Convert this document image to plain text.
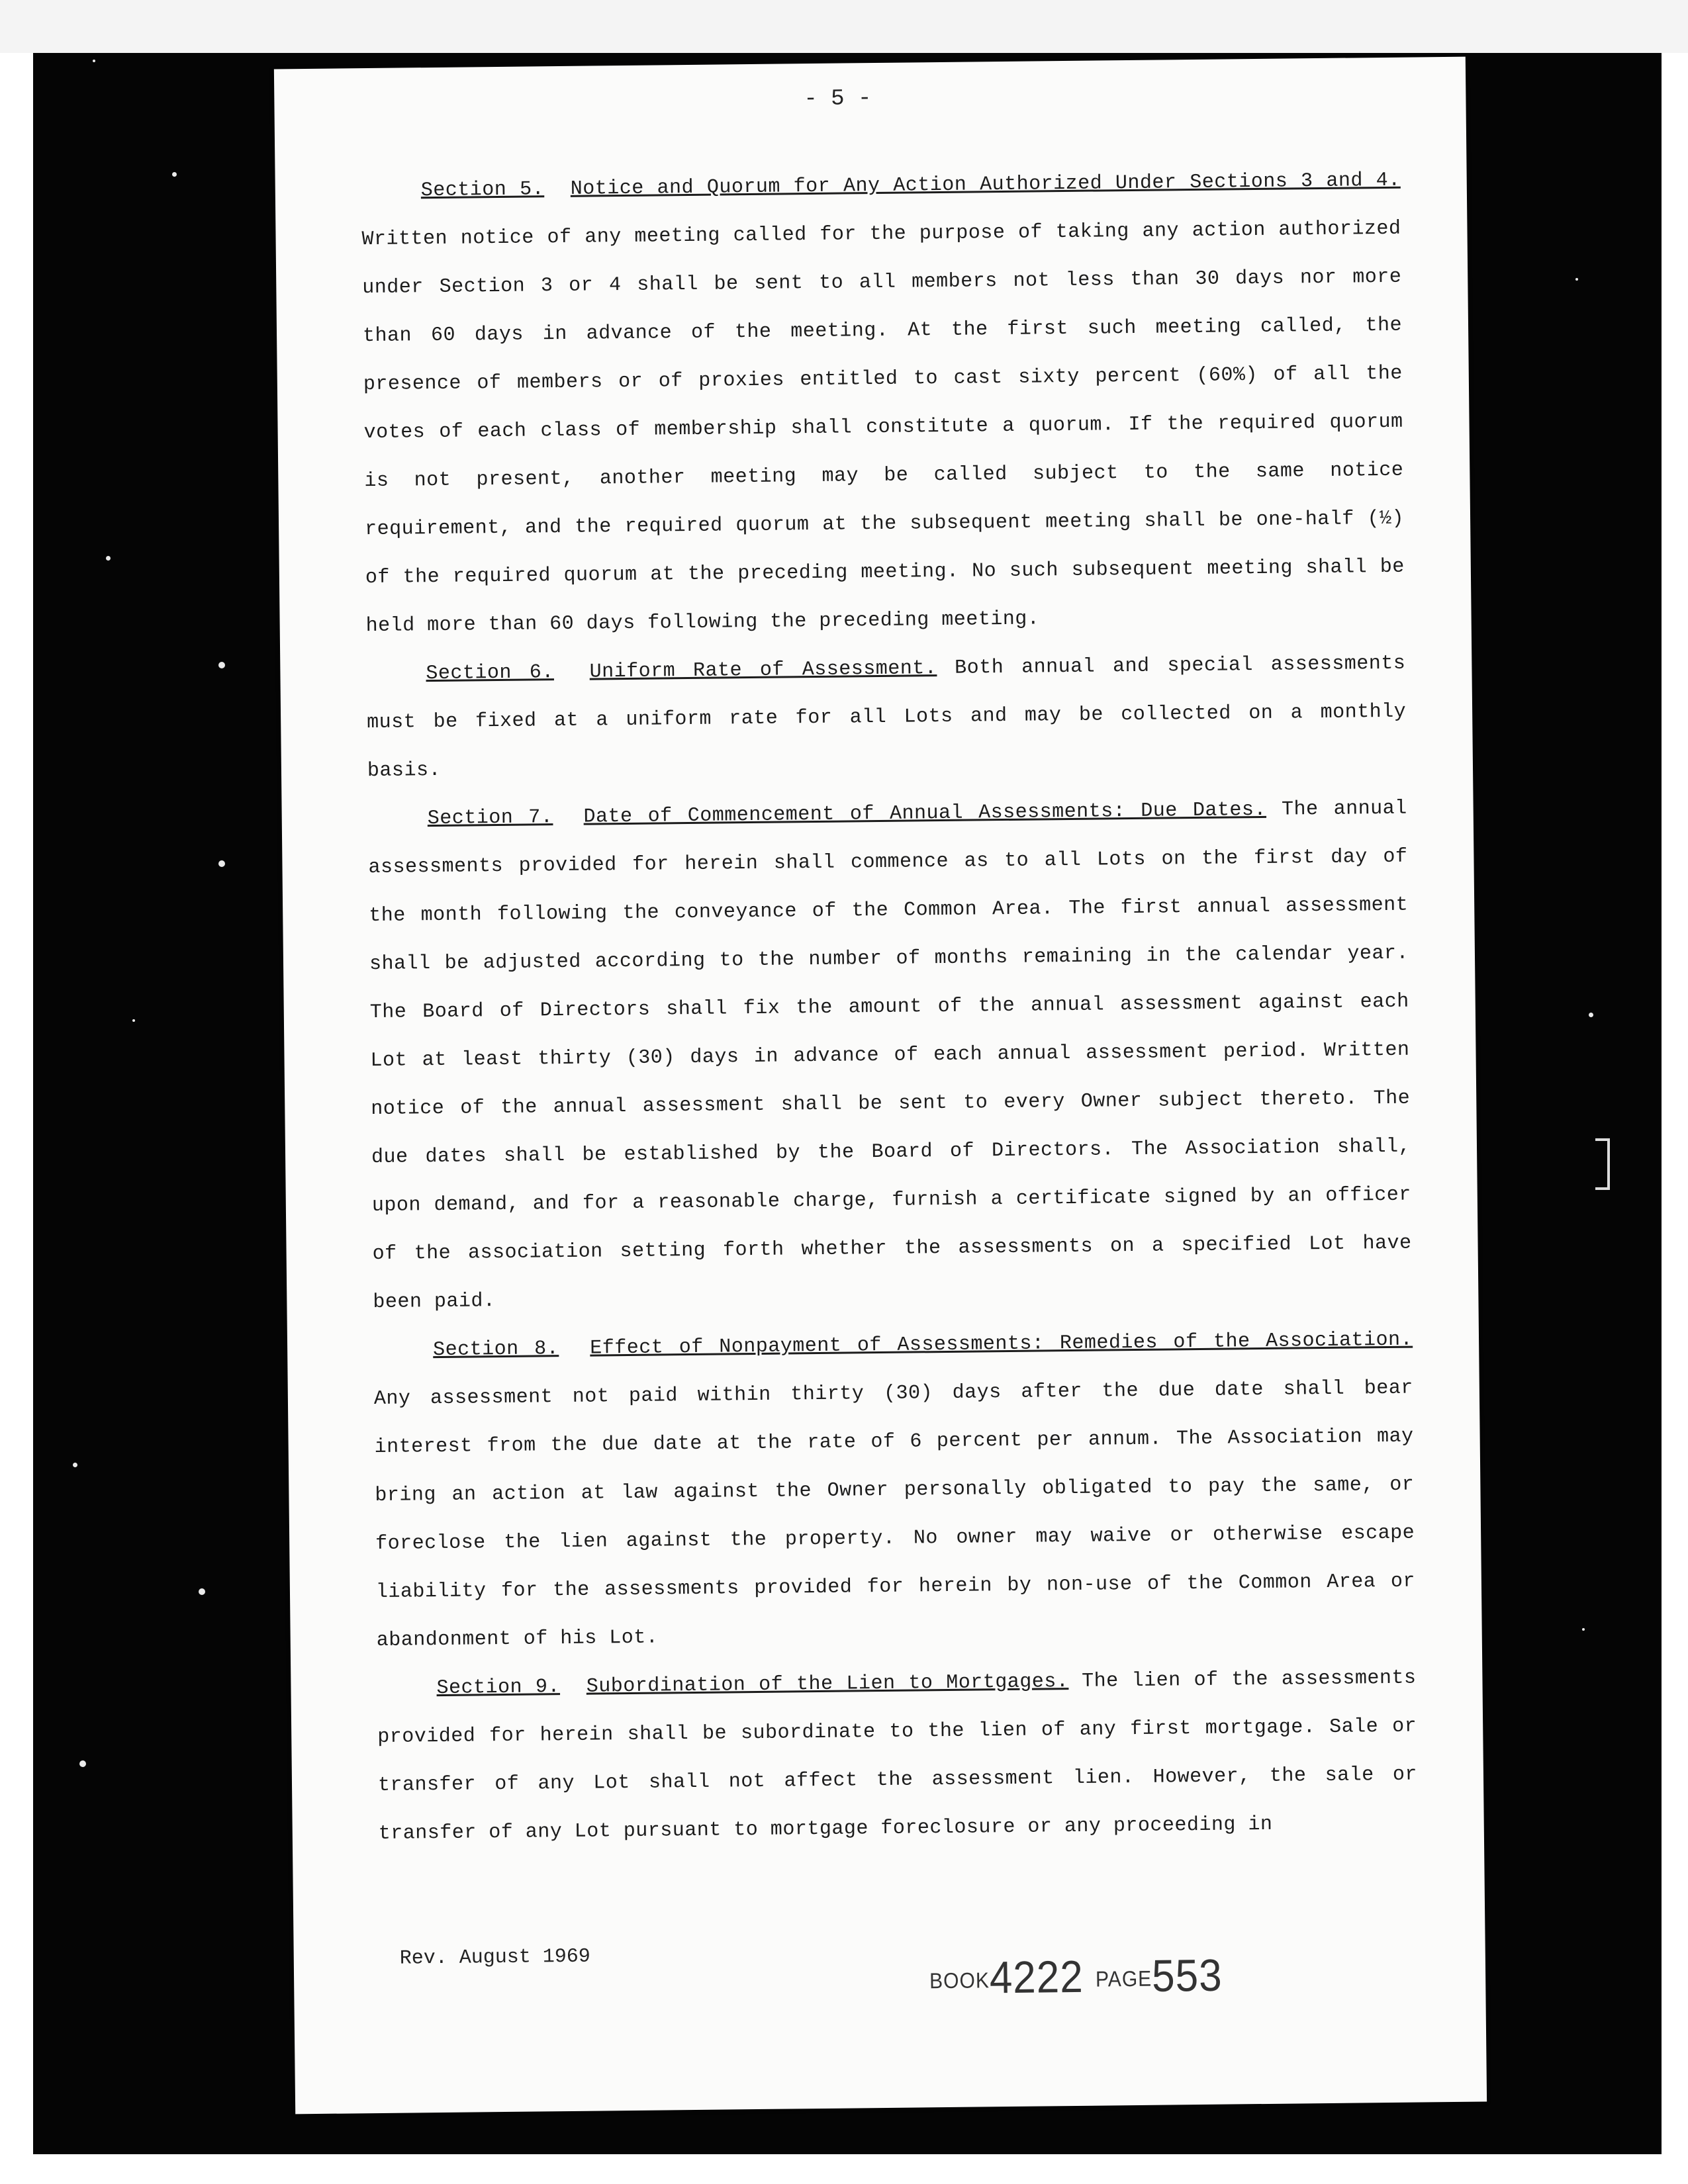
- 5 -

Section 5. Notice and Quorum for Any Action Authorized Under Sections 3 and 4. Written notice of any meeting called for the purpose of taking any action authorized under Section 3 or 4 shall be sent to all members not less than 30 days nor more than 60 days in advance of the meeting. At the first such meeting called, the presence of members or of proxies entitled to cast sixty percent (60%) of all the votes of each class of membership shall constitute a quorum. If the required quorum is not present, another meeting may be called subject to the same notice requirement, and the required quorum at the subsequent meeting shall be one-half (½) of the required quorum at the preceding meeting. No such subsequent meeting shall be held more than 60 days following the preceding meeting.

Section 6. Uniform Rate of Assessment. Both annual and special assessments must be fixed at a uniform rate for all Lots and may be collected on a monthly basis.

Section 7. Date of Commencement of Annual Assessments: Due Dates. The annual assessments provided for herein shall commence as to all Lots on the first day of the month following the conveyance of the Common Area. The first annual assessment shall be adjusted according to the number of months remaining in the calendar year. The Board of Directors shall fix the amount of the annual assessment against each Lot at least thirty (30) days in advance of each annual assessment period. Written notice of the annual assessment shall be sent to every Owner subject thereto. The due dates shall be established by the Board of Directors. The Association shall, upon demand, and for a reasonable charge, furnish a certificate signed by an officer of the association setting forth whether the assessments on a specified Lot have been paid.

Section 8. Effect of Nonpayment of Assessments: Remedies of the Association. Any assessment not paid within thirty (30) days after the due date shall bear interest from the due date at the rate of 6 percent per annum. The Association may bring an action at law against the Owner personally obligated to pay the same, or foreclose the lien against the property. No owner may waive or otherwise escape liability for the assessments provided for herein by non-use of the Common Area or abandonment of his Lot.

Section 9. Subordination of the Lien to Mortgages. The lien of the assessments provided for herein shall be subordinate to the lien of any first mortgage. Sale or transfer of any Lot shall not affect the assessment lien. However, the sale or transfer of any Lot pursuant to mortgage foreclosure or any proceeding in

Rev. August 1969
BOOK4222 PAGE553
